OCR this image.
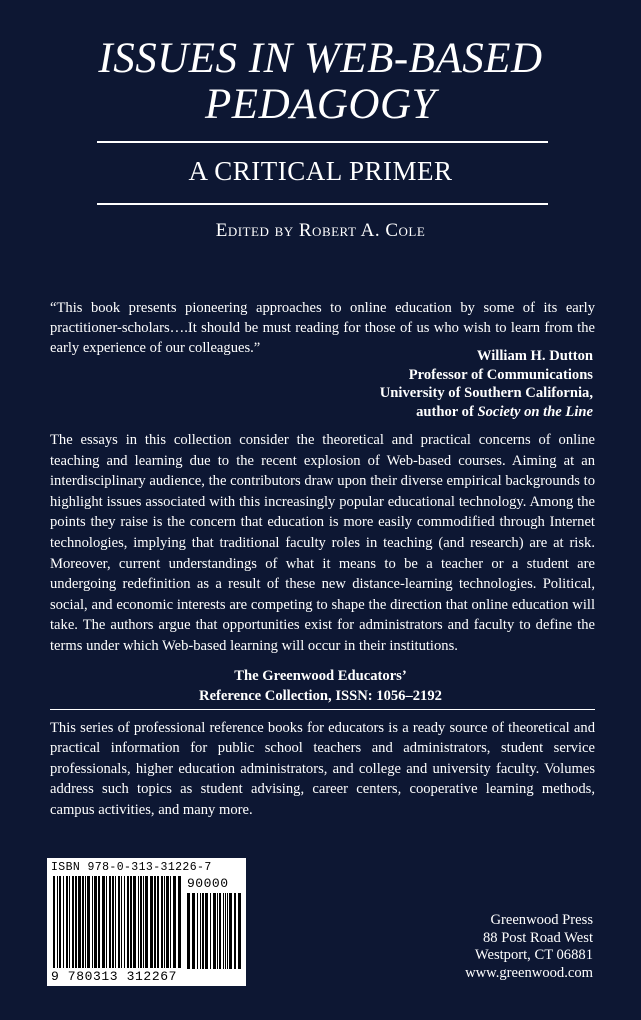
ISSUES IN WEB-BASED
PEDAGOGY
A CRITICAL PRIMER
Edited by Robert A. Cole
“This book presents pioneering approaches to online education by some of its early practitioner-scholars….It should be must reading for those of us who wish to learn from the early experience of our colleagues.”	William H. Dutton
Professor of Communications
University of Southern California,
author of Society on the Line
The essays in this collection consider the theoretical and practical concerns of online teaching and learning due to the recent explosion of Web-based courses. Aiming at an interdisciplinary audience, the contributors draw upon their diverse empirical backgrounds to highlight issues associated with this increasingly popular educational technology. Among the points they raise is the concern that education is more easily commodified through Internet technologies, implying that traditional faculty roles in teaching (and research) are at risk. Moreover, current understandings of what it means to be a teacher or a student are undergoing redefinition as a result of these new distance-learning technologies. Political, social, and economic interests are competing to shape the direction that online education will take. The authors argue that opportunities exist for administrators and faculty to define the terms under which Web-based learning will occur in their institutions.
The Greenwood Educators’
Reference Collection, ISSN: 1056–2192
This series of professional reference books for educators is a ready source of theoretical and practical information for public school teachers and administrators, student service professionals, higher education administrators, and college and university faculty. Volumes address such topics as student advising, career centers, cooperative learning methods, campus activities, and many more.
ISBN 978-0-313-31226-7
90000
9 780313 312267
Greenwood Press
88 Post Road West
Westport, CT 06881
www.greenwood.com
